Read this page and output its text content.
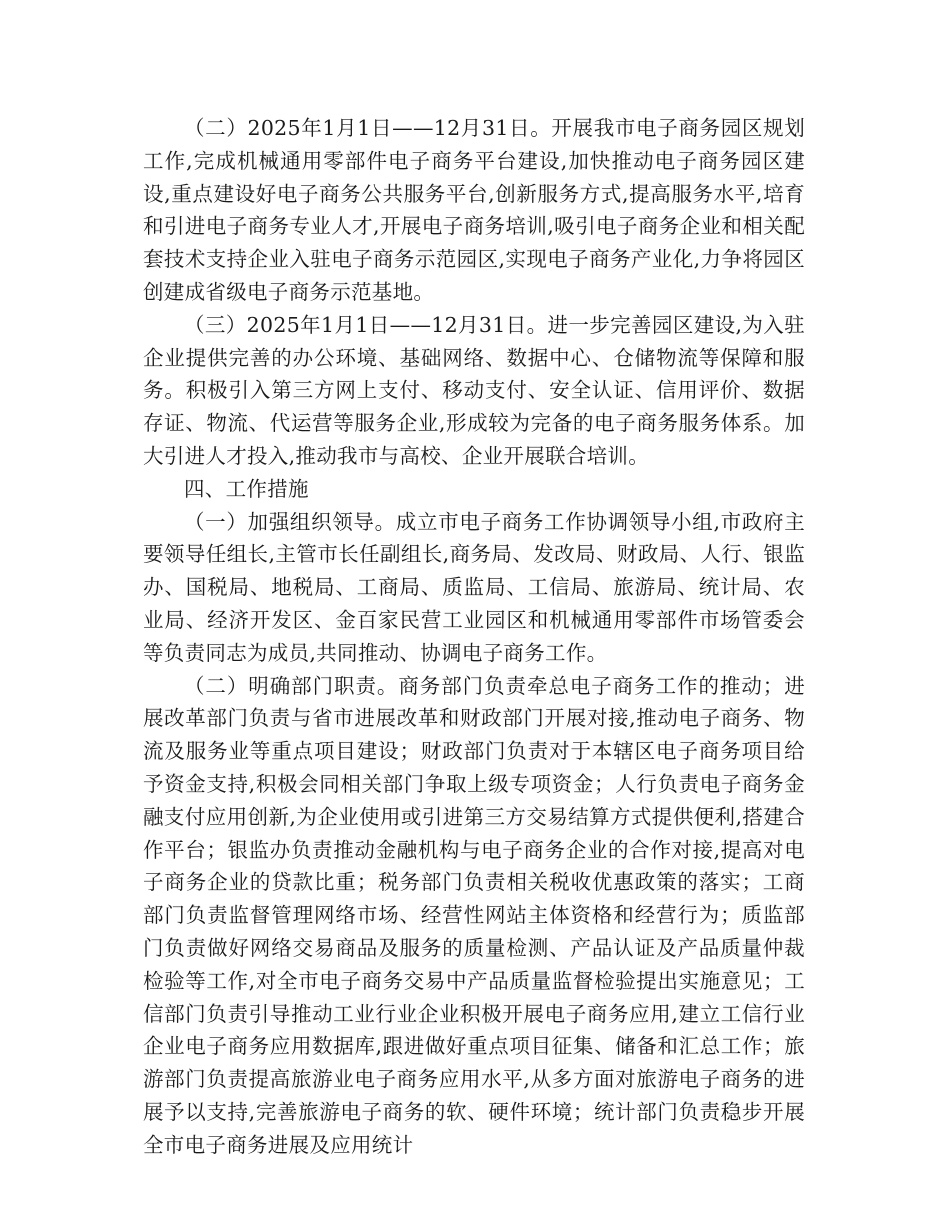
（二）2025年1月1日——12月31日。开展我市电子商务园区规划工作,完成机械通用零部件电子商务平台建设,加快推动电子商务园区建设,重点建设好电子商务公共服务平台,创新服务方式,提高服务水平,培育和引进电子商务专业人才,开展电子商务培训,吸引电子商务企业和相关配套技术支持企业入驻电子商务示范园区,实现电子商务产业化,力争将园区创建成省级电子商务示范基地。

（三）2025年1月1日——12月31日。进一步完善园区建设,为入驻企业提供完善的办公环境、基础网络、数据中心、仓储物流等保障和服务。积极引入第三方网上支付、移动支付、安全认证、信用评价、数据存证、物流、代运营等服务企业,形成较为完备的电子商务服务体系。加大引进人才投入,推动我市与高校、企业开展联合培训。

四、工作措施

（一）加强组织领导。成立市电子商务工作协调领导小组,市政府主要领导任组长,主管市长任副组长,商务局、发改局、财政局、人行、银监办、国税局、地税局、工商局、质监局、工信局、旅游局、统计局、农业局、经济开发区、金百家民营工业园区和机械通用零部件市场管委会等负责同志为成员,共同推动、协调电子商务工作。

（二）明确部门职责。商务部门负责牵总电子商务工作的推动；进展改革部门负责与省市进展改革和财政部门开展对接,推动电子商务、物流及服务业等重点项目建设；财政部门负责对于本辖区电子商务项目给予资金支持,积极会同相关部门争取上级专项资金；人行负责电子商务金融支付应用创新,为企业使用或引进第三方交易结算方式提供便利,搭建合作平台；银监办负责推动金融机构与电子商务企业的合作对接,提高对电子商务企业的贷款比重；税务部门负责相关税收优惠政策的落实；工商部门负责监督管理网络市场、经营性网站主体资格和经营行为；质监部门负责做好网络交易商品及服务的质量检测、产品认证及产品质量仲裁检验等工作,对全市电子商务交易中产品质量监督检验提出实施意见；工信部门负责引导推动工业行业企业积极开展电子商务应用,建立工信行业企业电子商务应用数据库,跟进做好重点项目征集、储备和汇总工作；旅游部门负责提高旅游业电子商务应用水平,从多方面对旅游电子商务的进展予以支持,完善旅游电子商务的软、硬件环境；统计部门负责稳步开展全市电子商务进展及应用统计
